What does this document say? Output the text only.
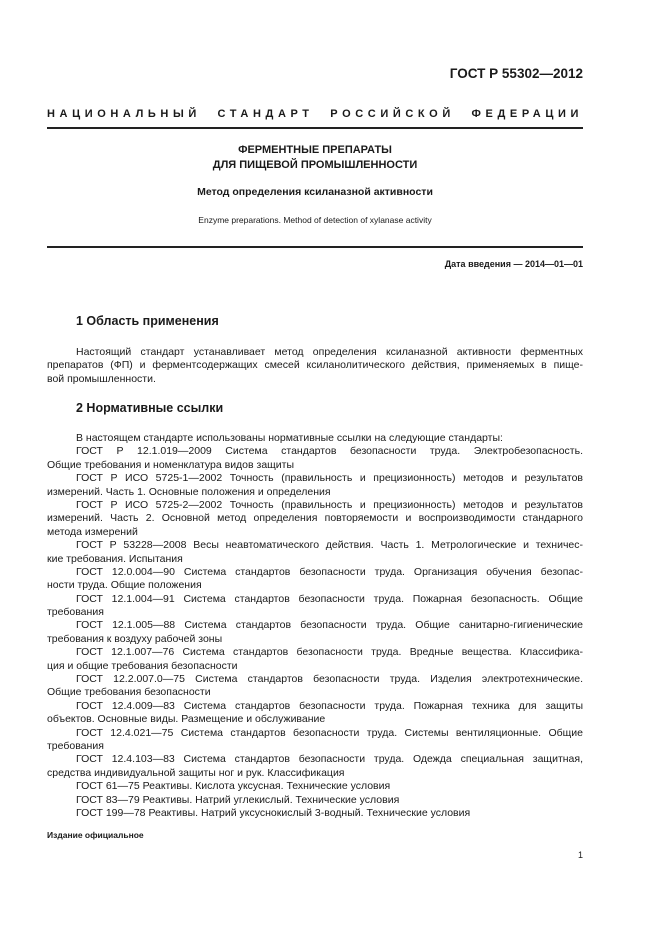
ГОСТ Р 55302—2012
НАЦИОНАЛЬНЫЙ СТАНДАРТ РОССИЙСКОЙ ФЕДЕРАЦИИ
ФЕРМЕНТНЫЕ ПРЕПАРАТЫ
ДЛЯ ПИЩЕВОЙ ПРОМЫШЛЕННОСТИ
Метод определения ксиланазной активности
Enzyme preparations. Method of detection of xylanase activity
Дата введения — 2014—01—01
1 Область применения
Настоящий стандарт устанавливает метод определения ксиланазной активности ферментных
препаратов (ФП) и ферментсодержащих смесей ксиланолитического действия, применяемых в пище-
вой промышленности.
2 Нормативные ссылки
В настоящем стандарте использованы нормативные ссылки на следующие стандарты:
ГОСТ Р 12.1.019—2009 Система стандартов безопасности труда. Электробезопасность.
Общие требования и номенклатура видов защиты
ГОСТ Р ИСО 5725-1—2002 Точность (правильность и прецизионность) методов и результатов
измерений. Часть 1. Основные положения и определения
ГОСТ Р ИСО 5725-2—2002 Точность (правильность и прецизионность) методов и результатов
измерений. Часть 2. Основной метод определения повторяемости и воспроизводимости стандарного
метода измерений
ГОСТ Р 53228—2008 Весы неавтоматического действия. Часть 1. Метрологические и техничес-
кие требования. Испытания
ГОСТ 12.0.004—90 Система стандартов безопасности труда. Организация обучения безопас-
ности труда. Общие положения
ГОСТ 12.1.004—91 Система стандартов безопасности труда. Пожарная безопасность. Общие
требования
ГОСТ 12.1.005—88 Система стандартов безопасности труда. Общие санитарно-гигиенические
требования к воздуху рабочей зоны
ГОСТ 12.1.007—76 Система стандартов безопасности труда. Вредные вещества. Классифика-
ция и общие требования безопасности
ГОСТ 12.2.007.0—75 Система стандартов безопасности труда. Изделия электротехнические.
Общие требования безопасности
ГОСТ 12.4.009—83 Система стандартов безопасности труда. Пожарная техника для защиты
объектов. Основные виды. Размещение и обслуживание
ГОСТ 12.4.021—75 Система стандартов безопасности труда. Системы вентиляционные. Общие
требования
ГОСТ 12.4.103—83 Система стандартов безопасности труда. Одежда специальная защитная,
средства индивидуальной защиты ног и рук. Классификация
ГОСТ 61—75 Реактивы. Кислота уксусная. Технические условия
ГОСТ 83—79 Реактивы. Натрий углекислый. Технические условия
ГОСТ 199—78 Реактивы. Натрий уксуснокислый 3-водный. Технические условия
Издание официальное
1
